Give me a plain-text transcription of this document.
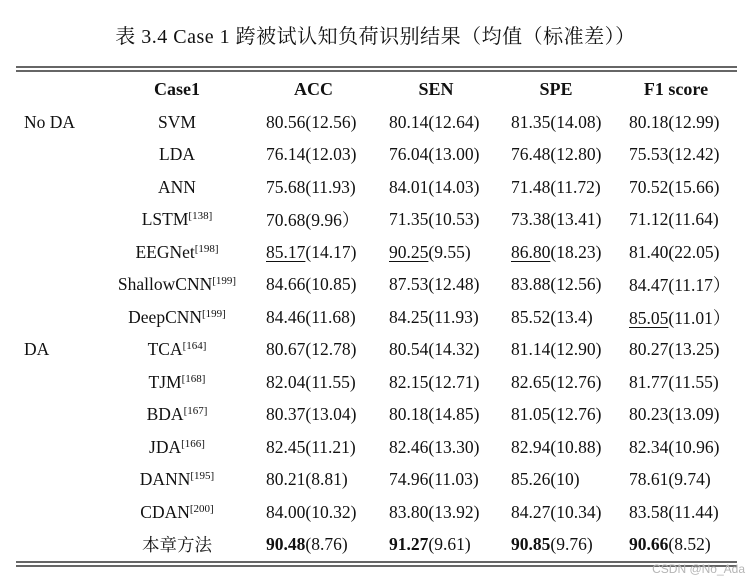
表 3.4 Case 1 跨被试认知负荷识别结果（均值（标准差））
	Case1	ACC	SEN	SPE	F1 score
No DA	SVM	80.56(12.56)	80.14(12.64)	81.35(14.08)	80.18(12.99)
	LDA	76.14(12.03)	76.04(13.00)	76.48(12.80)	75.53(12.42)
	ANN	75.68(11.93)	84.01(14.03)	71.48(11.72)	70.52(15.66)
	LSTM[138]	70.68(9.96）	71.35(10.53)	73.38(13.41)	71.12(11.64)
	EEGNet[198]	85.17(14.17)	90.25(9.55)	86.80(18.23)	81.40(22.05)
	ShallowCNN[199]	84.66(10.85)	87.53(12.48)	83.88(12.56)	84.47(11.17）
	DeepCNN[199]	84.46(11.68)	84.25(11.93)	85.52(13.4)	85.05(11.01）
DA	TCA[164]	80.67(12.78)	80.54(14.32)	81.14(12.90)	80.27(13.25)
	TJM[168]	82.04(11.55)	82.15(12.71)	82.65(12.76)	81.77(11.55)
	BDA[167]	80.37(13.04)	80.18(14.85)	81.05(12.76)	80.23(13.09)
	JDA[166]	82.45(11.21)	82.46(13.30)	82.94(10.88)	82.34(10.96)
	DANN[195]	80.21(8.81)	74.96(11.03)	85.26(10)	78.61(9.74)
	CDAN[200]	84.00(10.32)	83.80(13.92)	84.27(10.34)	83.58(11.44)
	本章方法	90.48(8.76)	91.27(9.61)	90.85(9.76)	90.66(8.52)
CSDN @No_Ada
